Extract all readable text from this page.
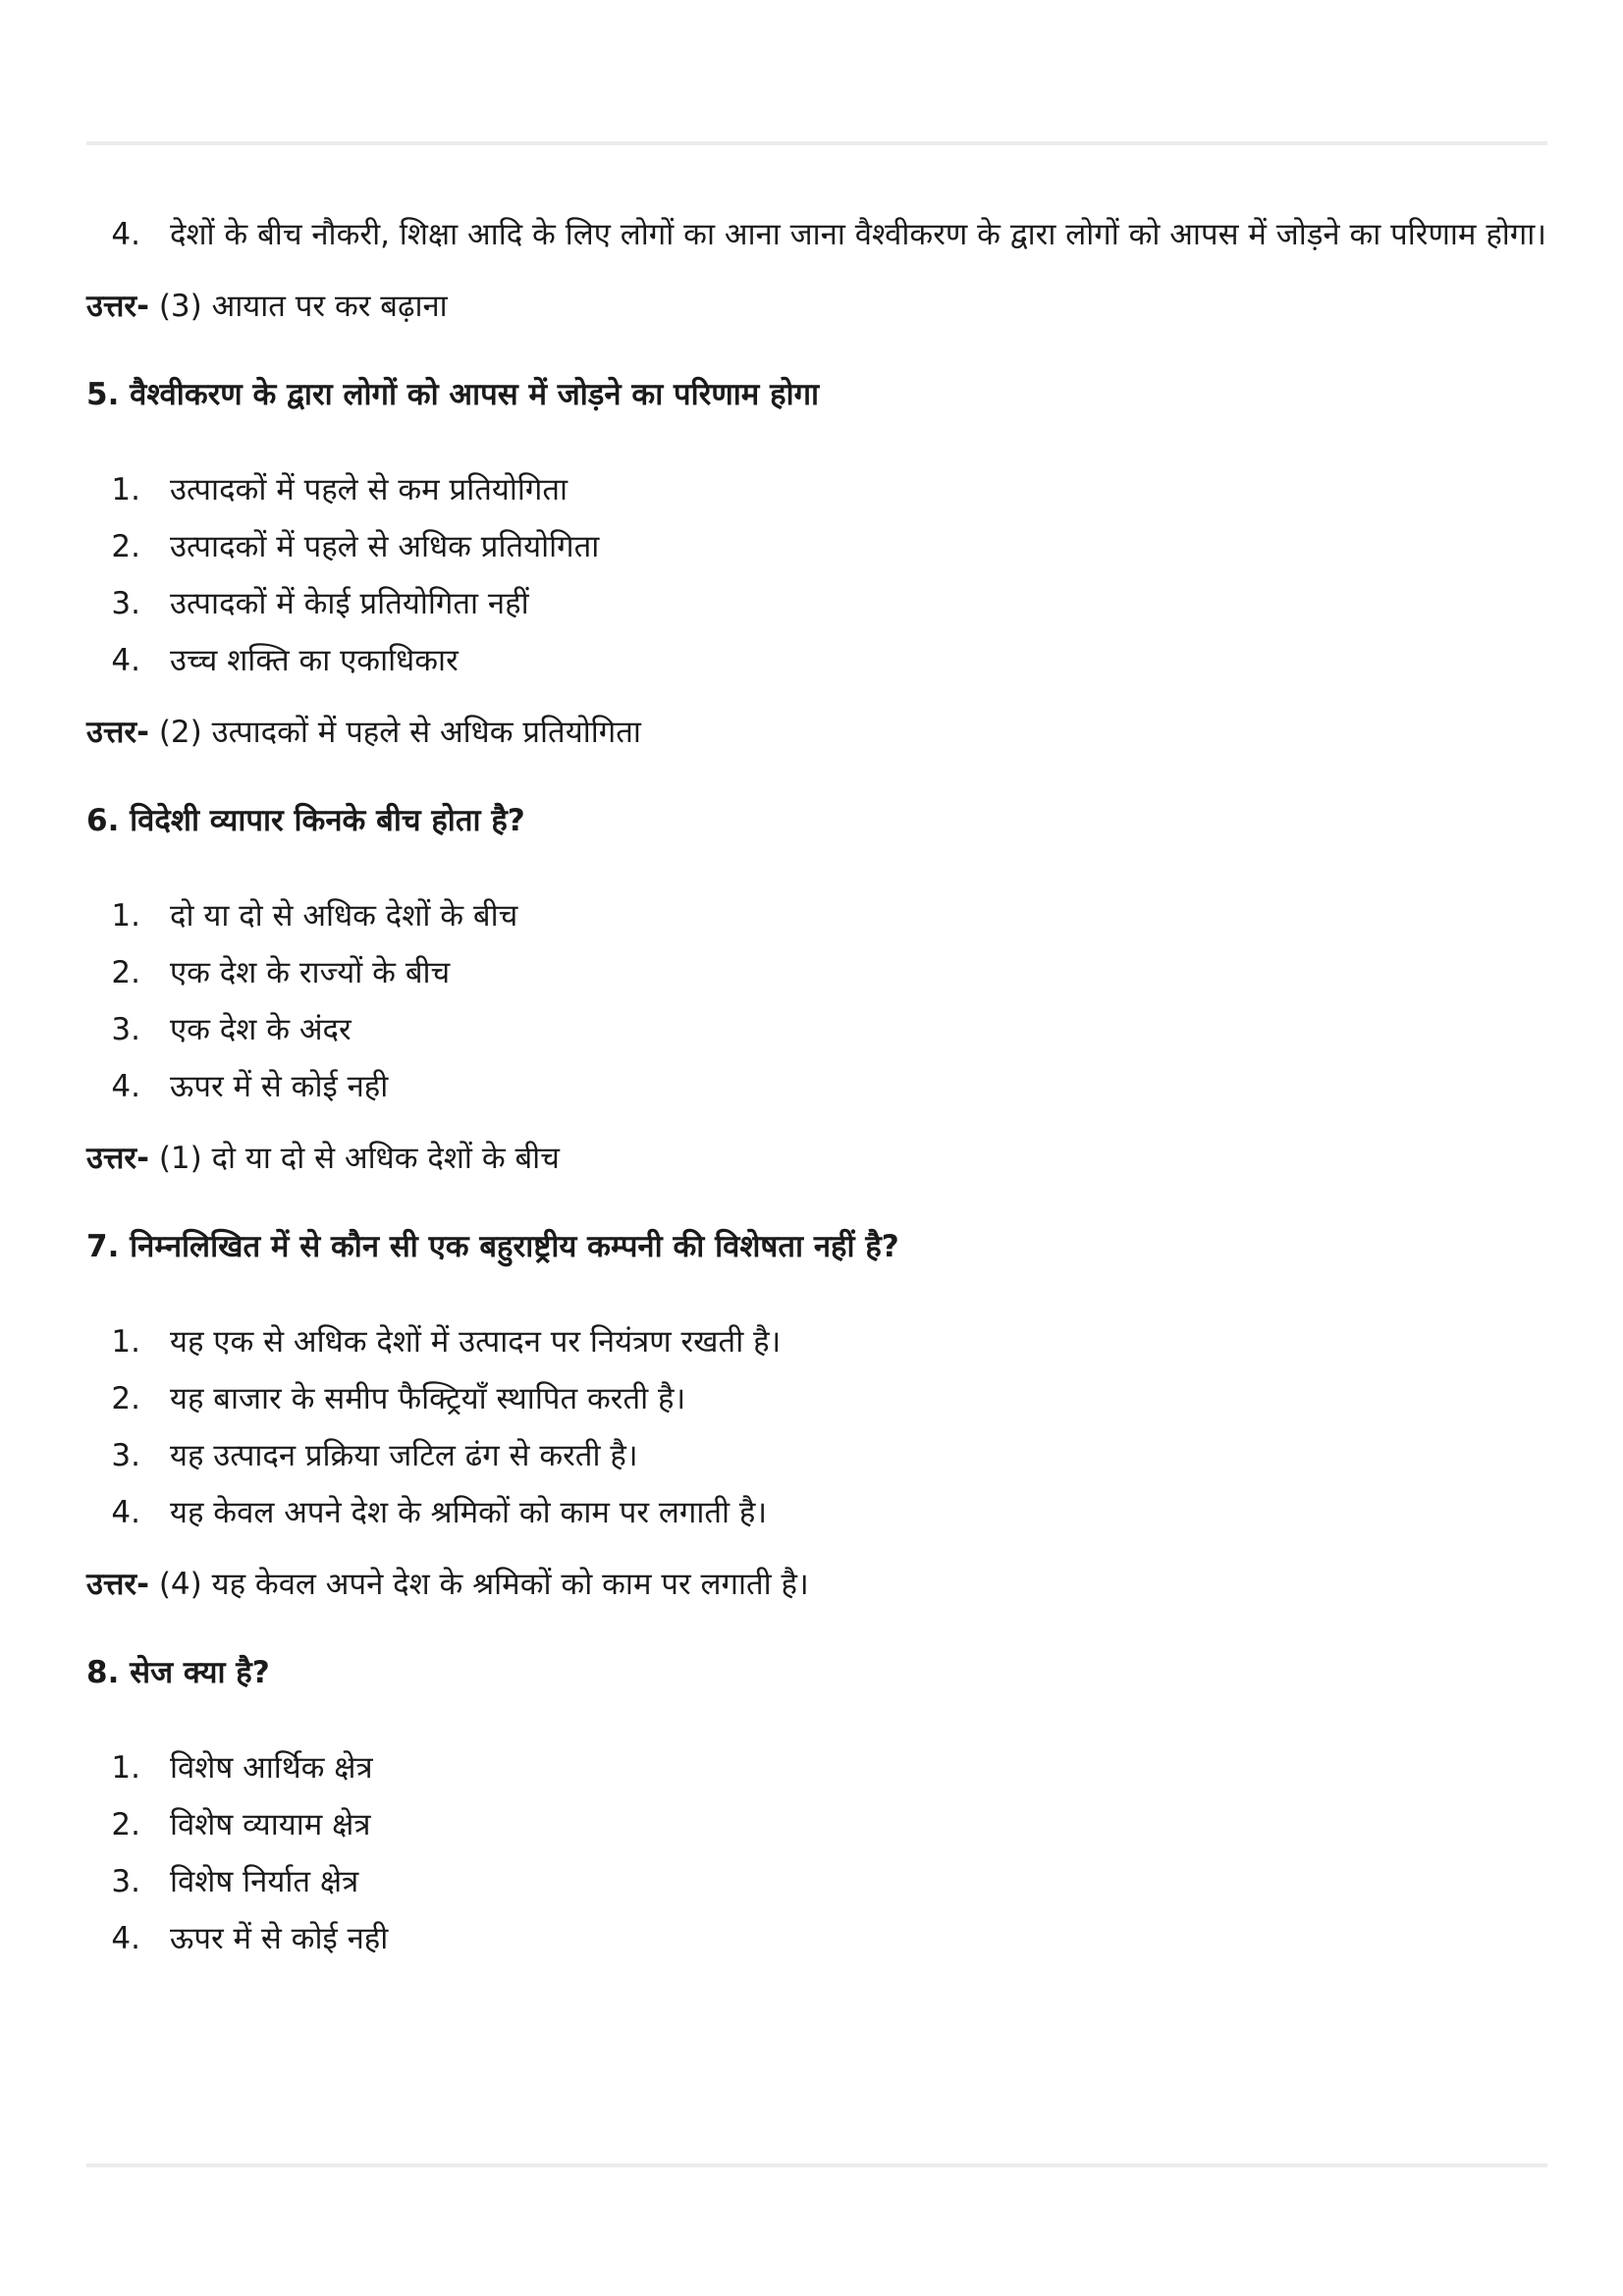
4. देशों के बीच नौकरी, शिक्षा आदि के लिए लोगों का आना जाना वैश्वीकरण के द्वारा लोगों को आपस में जोड़ने का परिणाम होगा।

उत्तर- (3) आयात पर कर बढ़ाना

5. वैश्वीकरण के द्वारा लोगों को आपस में जोड़ने का परिणाम होगा

1. उत्पादकों में पहले से कम प्रतियोगिता
2. उत्पादकों में पहले से अधिक प्रतियोगिता
3. उत्पादकों में केाई प्रतियोगिता नहीं
4. उच्च शक्ति का एकाधिकार

उत्तर- (2) उत्पादकों में पहले से अधिक प्रतियोगिता

6. विदेशी व्यापार किनके बीच होता है?

1. दो या दो से अधिक देशों के बीच
2. एक देश के राज्यों के बीच
3. एक देश के अंदर
4. ऊपर में से कोई नही

उत्तर- (1) दो या दो से अधिक देशों के बीच

7. निम्नलिखित में से कौन सी एक बहुराष्ट्रीय कम्पनी की विशेषता नहीं है?

1. यह एक से अधिक देशों में उत्पादन पर नियंत्रण रखती है।
2. यह बाजार के समीप फैक्ट्रियाँ स्थापित करती है।
3. यह उत्पादन प्रक्रिया जटिल ढंग से करती है।
4. यह केवल अपने देश के श्रमिकों को काम पर लगाती है।

उत्तर- (4) यह केवल अपने देश के श्रमिकों को काम पर लगाती है।

8. सेज क्या है?

1. विशेष आर्थिक क्षेत्र
2. विशेष व्यायाम क्षेत्र
3. विशेष निर्यात क्षेत्र
4. ऊपर में से कोई नही
